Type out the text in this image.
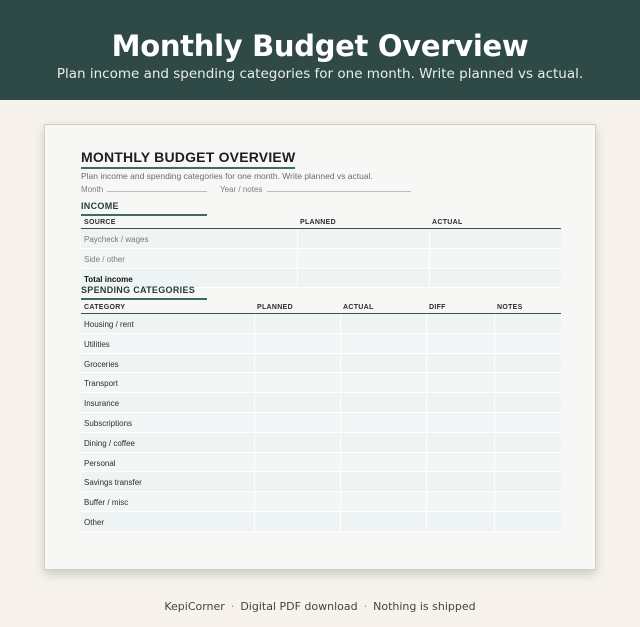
Monthly Budget Overview

Plan income and spending categories for one month. Write planned vs actual.

MONTHLY BUDGET OVERVIEW
Plan income and spending categories for one month. Write planned vs actual.
Month	Year / notes
INCOME
SOURCE	PLANNED	ACTUAL
Paycheck / wages
Side / other
Total income
SPENDING CATEGORIES
CATEGORY	PLANNED	ACTUAL	DIFF	NOTES
Housing / rent
Utilities
Groceries
Transport
Insurance
Subscriptions
Dining / coffee
Personal
Savings transfer
Buffer / misc
Other
KepiCorner · Digital PDF download · Nothing is shipped
